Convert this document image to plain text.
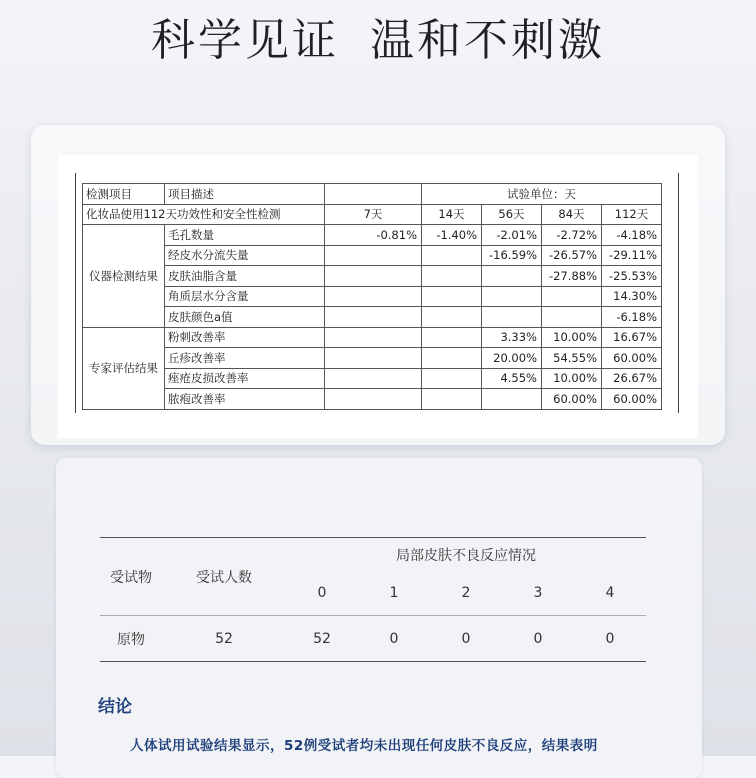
科学见证 温和不刺激
检测项目	项目描述		试验单位：天			
化妆品使用112天功效性和安全性检测		7天	14天	56天	84天	112天
仪器检测结果	毛孔数量	-0.81%	-1.40%	-2.01%	-2.72%	-4.18%
	经皮水分流失量			-16.59%	-26.57%	-29.11%
	皮肤油脂含量				-27.88%	-25.53%
	角质层水分含量					14.30%
	皮肤颜色a值					-6.18%
专家评估结果	粉刺改善率			3.33%	10.00%	16.67%
	丘疹改善率			20.00%	54.55%	60.00%
	痤疮皮损改善率			4.55%	10.00%	26.67%
	脓疱改善率				60.00%	60.00%
受试物	受试人数	局部皮肤不良反应情况				
		0	1	2	3	4
原物	52	52	0	0	0	0
结论
人体试用试验结果显示，52例受试者均未出现任何皮肤不良反应，结果表明
